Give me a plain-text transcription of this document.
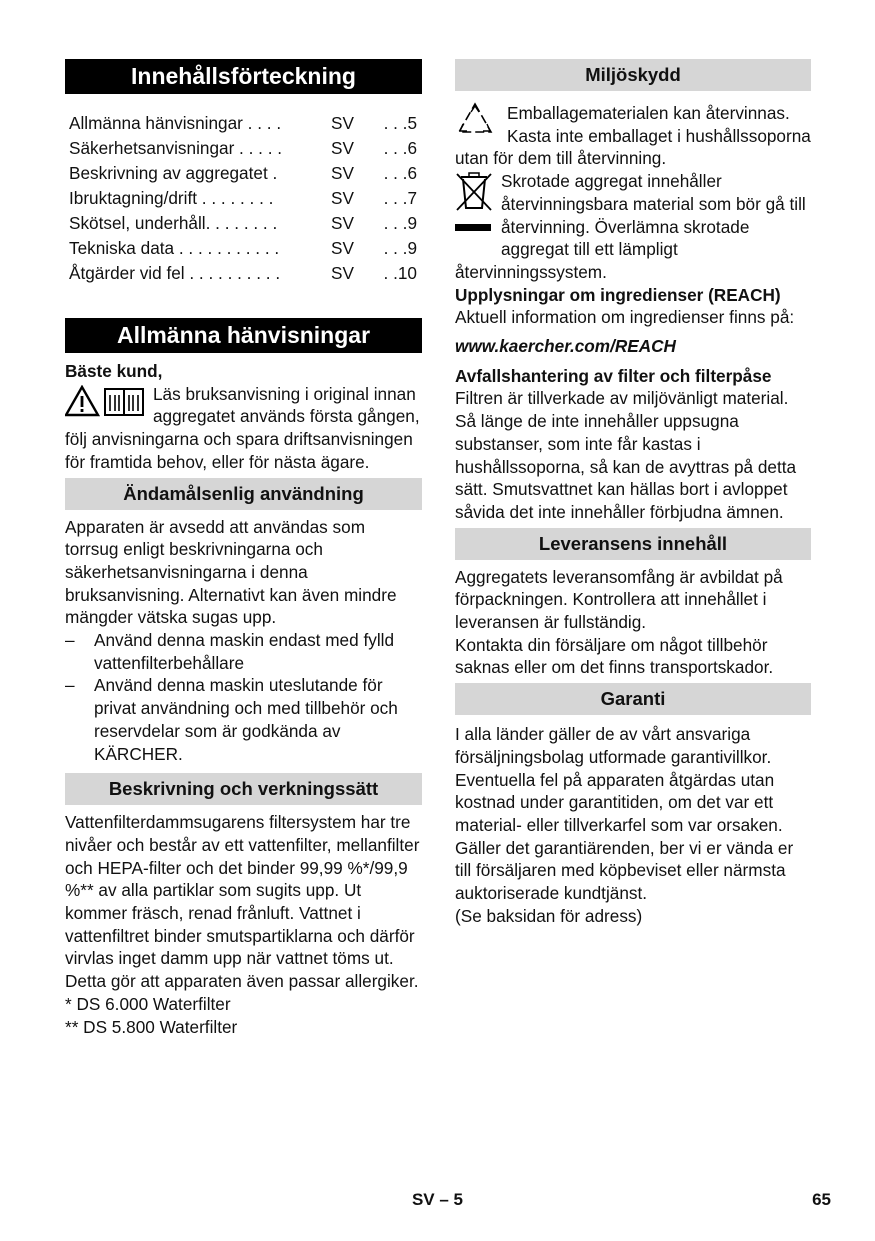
Innehållsförteckning
Allmänna hänvisningar . . . .	SV	. . .5
Säkerhetsanvisningar . . . . .	SV	. . .6
Beskrivning av aggregatet .	SV	. . .6
Ibruktagning/drift . . . . . . . .	SV	. . .7
Skötsel, underhåll. . . . . . . .	SV	. . .9
Tekniska data . . . . . . . . . . .	SV	. . .9
Åtgärder vid fel . . . . . . . . . .	SV	. .10
Allmänna hänvisningar

Bäste kund,

Läs bruksanvisning i original innan aggregatet används första gången, följ anvisningarna och spara driftsanvisningen för framtida behov, eller för nästa ägare.
Ändamålsenlig användning

Apparaten är avsedd att användas som torrsug enligt beskrivningarna och säkerhetsanvisningarna i denna bruksanvisning. Alternativt kan även mindre mängder vätska sugas upp.

–	Använd denna maskin endast med fylld vattenfilterbehållare
–	Använd denna maskin uteslutande för privat användning och med tillbehör och reservdelar som är godkända av KÄRCHER.
Beskrivning och verkningssätt

Vattenfilterdammsugarens filtersystem har tre nivåer och består av ett vattenfilter, mellanfilter och HEPA-filter och det binder 99,99 %*/99,9 %** av alla partiklar som sugits upp. Ut kommer fräsch, renad frånluft. Vattnet i vattenfiltret binder smutspartiklarna och därför virvlas inget damm upp när vattnet töms ut. Detta gör att apparaten även passar allergiker.

* DS 6.000 Waterfilter
** DS 5.800 Waterfilter
Miljöskydd
Emballagematerialen kan återvinnas. Kasta inte emballaget i hushållssoporna utan för dem till återvinning.
Skrotade aggregat innehåller återvinningsbara material som bör gå till återvinning. Överlämna skrotade aggregat till ett lämpligt återvinningssystem.

Upplysningar om ingredienser (REACH)

Aktuell information om ingredienser finns på:

www.kaercher.com/REACH

Avfallshantering av filter och filterpåse

Filtren är tillverkade av miljövänligt material. Så länge de inte innehåller uppsugna substanser, som inte får kastas i hushållssoporna, så kan de avyttras på detta sätt. Smutsvattnet kan hällas bort i avloppet såvida det inte innehåller förbjudna ämnen.

Leveransens innehåll

Aggregatets leveransomfång är avbildat på förpackningen. Kontrollera att innehållet i leveransen är fullständig.

Kontakta din försäljare om något tillbehör saknas eller om det finns transportskador.

Garanti

I alla länder gäller de av vårt ansvariga försäljningsbolag utformade garantivillkor. Eventuella fel på apparaten åtgärdas utan kostnad under garantitiden, om det var ett material- eller tillverkarfel som var orsaken. Gäller det garantiärenden, ber vi er vända er till försäljaren med köpbeviset eller närmsta auktoriserade kundtjänst.

(Se baksidan för adress)

SV – 5	65
